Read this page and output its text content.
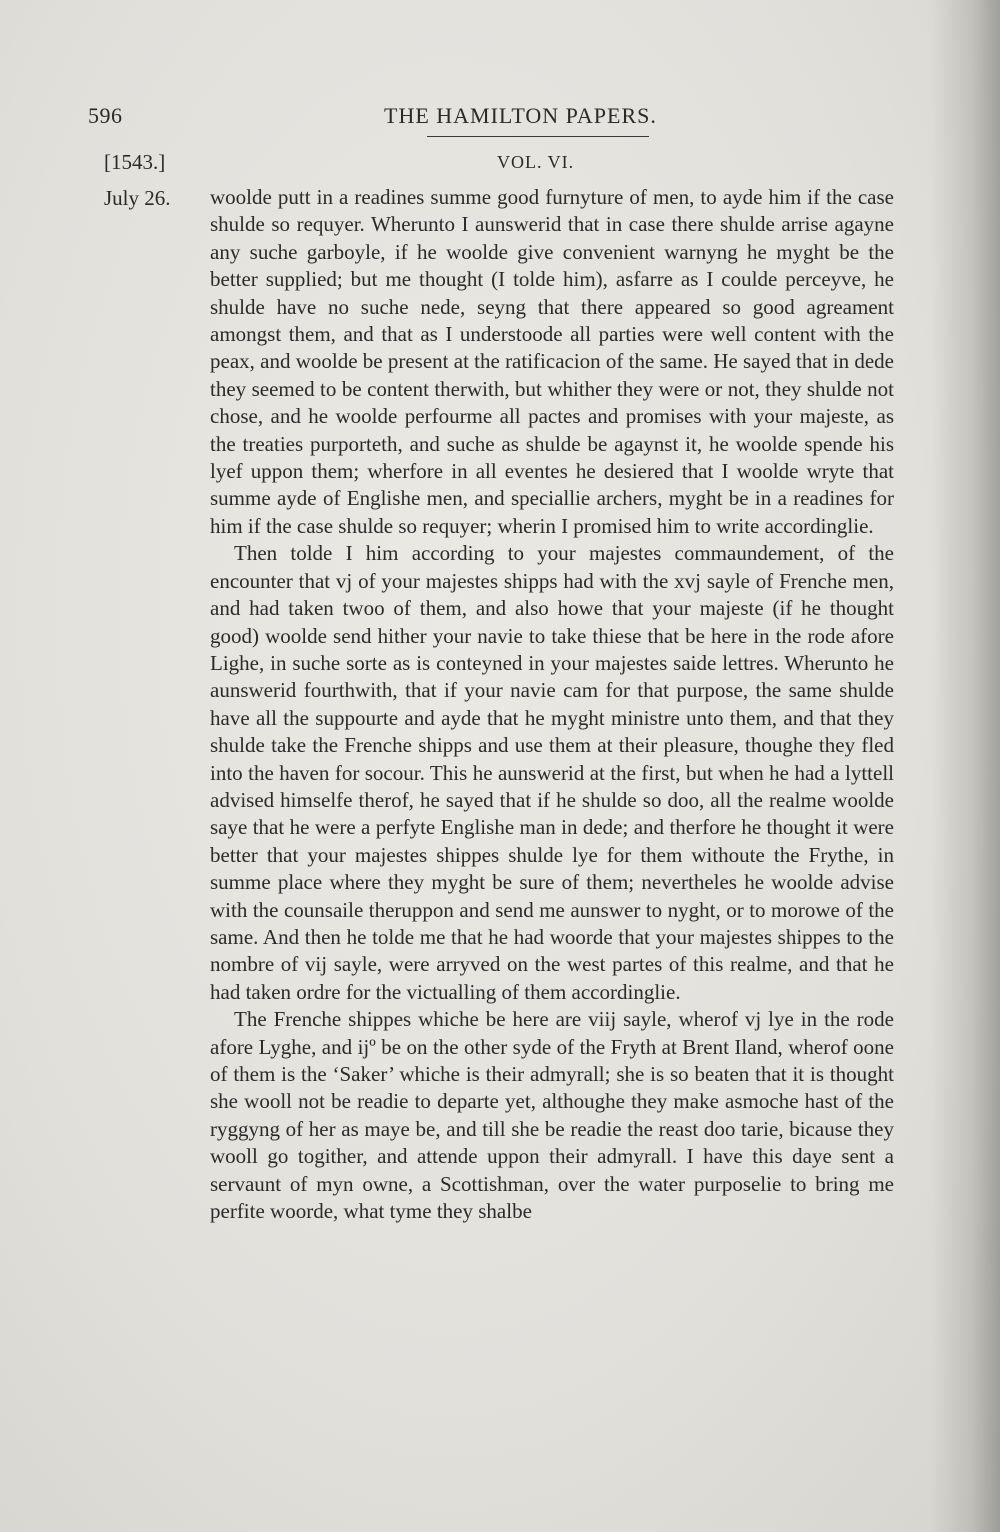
596	THE HAMILTON PAPERS.
[1543.]	VOL. VI.
July 26. woolde putt in a readines summe good furnyture of men, to ayde him if the case shulde so requyer. Wherunto I aunswerid that in case there shulde arrise agayne any suche garboyle, if he woolde give convenient warnyng he myght be the better supplied; but me thought (I tolde him), asfarre as I coulde perceyve, he shulde have no suche nede, seyng that there appeared so good agreament amongst them, and that as I understoode all parties were well content with the peax, and woolde be present at the ratificacion of the same. He sayed that in dede they seemed to be content therwith, but whither they were or not, they shulde not chose, and he woolde perfourme all pactes and promises with your majeste, as the treaties purporteth, and suche as shulde be agaynst it, he woolde spende his lyef uppon them; wherfore in all eventes he desiered that I woolde wryte that summe ayde of Englishe men, and speciallie archers, myght be in a readines for him if the case shulde so requyer; wherin I promised him to write accordinglie.

Then tolde I him according to your majestes commaundement, of the encounter that vj of your majestes shipps had with the xvj sayle of Frenche men, and had taken twoo of them, and also howe that your majeste (if he thought good) woolde send hither your navie to take thiese that be here in the rode afore Lighe, in suche sorte as is conteyned in your majestes saide lettres. Wherunto he aunswerid fourthwith, that if your navie cam for that purpose, the same shulde have all the suppourte and ayde that he myght ministre unto them, and that they shulde take the Frenche shipps and use them at their pleasure, thoughe they fled into the haven for socour. This he aunswerid at the first, but when he had a lyttell advised himselfe therof, he sayed that if he shulde so doo, all the realme woolde saye that he were a perfyte Englishe man in dede; and therfore he thought it were better that your majestes shippes shulde lye for them withoute the Frythe, in summe place where they myght be sure of them; nevertheles he woolde advise with the counsaile theruppon and send me aunswer to nyght, or to morowe of the same. And then he tolde me that he had woorde that your majestes shippes to the nombre of vij sayle, were arryved on the west partes of this realme, and that he had taken ordre for the victualling of them accordinglie.

The Frenche shippes whiche be here are viij sayle, wherof vj lye in the rode afore Lyghe, and ijº be on the other syde of the Fryth at Brent Iland, wherof oone of them is the ‘Saker’ whiche is their admyrall; she is so beaten that it is thought she wooll not be readie to departe yet, althoughe they make asmoche hast of the ryggyng of her as maye be, and till she be readie the reast doo tarie, bicause they wooll go togither, and attende uppon their admyrall. I have this daye sent a servaunt of myn owne, a Scottishman, over the water purposelie to bring me perfite woorde, what tyme they shalbe
